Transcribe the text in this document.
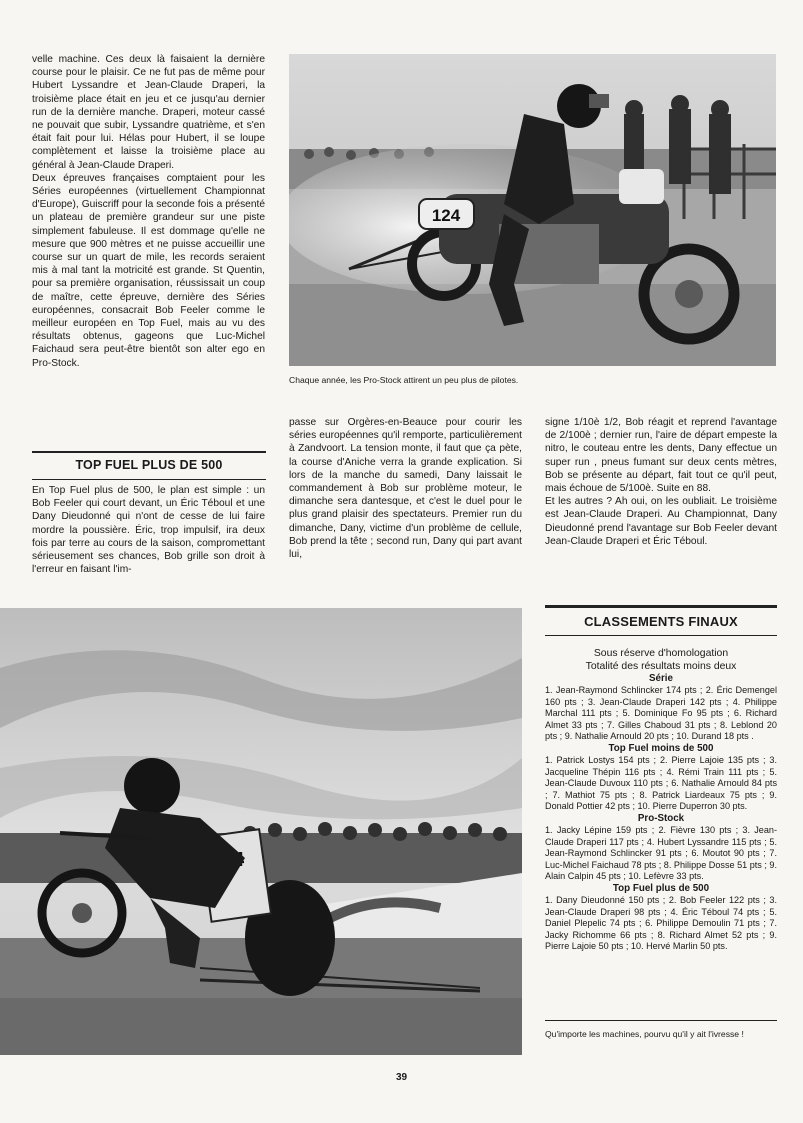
velle machine. Ces deux là faisaient la dernière course pour le plaisir. Ce ne fut pas de même pour Hubert Lyssandre et Jean-Claude Draperi, la troisième place était en jeu et ce jusqu'au dernier run de la dernière manche. Draperi, moteur cassé ne pouvait que subir, Lyssandre quatrième, et s'en était fait pour lui. Hélas pour Hubert, il se loupe complètement et laisse la troisième place au général à Jean-Claude Draperi.

Deux épreuves françaises comptaient pour les Séries européennes (virtuellement Championnat d'Europe), Guiscriff pour la seconde fois a présenté un plateau de première grandeur sur une piste simplement fabuleuse. Il est dommage qu'elle ne mesure que 900 mètres et ne puisse accueillir une course sur un quart de mile, les records seraient mis à mal tant la motricité est grande. St Quentin, pour sa première organisation, réussissait un coup de maître, cette épreuve, dernière des Séries européennes, consacrait Bob Feeler comme le meilleur européen en Top Fuel, mais au vu des résultats obtenus, gageons que Luc-Michel Faichaud sera peut-être bientôt son alter ego en Pro-Stock.

TOP FUEL PLUS DE 500

En Top Fuel plus de 500, le plan est simple : un Bob Feeler qui court devant, un Éric Téboul et une Dany Dieudonné qui n'ont de cesse de lui faire mordre la poussière. Éric, trop impulsif, ira deux fois par terre au cours de la saison, compromettant sérieusement ses chances, Bob grille son droit à l'erreur en faisant l'im-

124
Chaque année, les Pro-Stock attirent un peu plus de pilotes.

passe sur Orgères-en-Beauce pour courir les séries européennes qu'il remporte, particulièrement à Zandvoort. La tension monte, il faut que ça pète, la course d'Aniche verra la grande explication. Si lors de la manche du samedi, Dany laissait le commandement à Bob sur problème moteur, le dimanche sera dantesque, et c'est le duel pour le plus grand plaisir des spectateurs. Premier run du dimanche, Dany, victime d'un problème de cellule, Bob prend la tête ; second run, Dany qui part avant lui,

signe 1/10è 1/2, Bob réagit et reprend l'avantage de 2/100è ; dernier run, l'aire de départ empeste la nitro, le couteau entre les dents, Dany effectue un super run , pneus fumant sur deux cents mètres, Bob se présente au départ, fait tout ce qu'il peut, mais échoue de 5/100è. Suite en 88.

Et les autres ? Ah oui, on les oubliait. Le troisième est Jean-Claude Draperi. Au Championnat, Dany Dieudonné prend l'avantage sur Bob Feeler devant Jean-Claude Draperi et Éric Téboul.

CLASSEMENTS FINAUX
Sous réserve d'homologation
Totalité des résultats moins deux
Série

1. Jean-Raymond Schlincker 174 pts ; 2. Éric Demengel 160 pts ; 3. Jean-Claude Draperi 142 pts ; 4. Philippe Marchal 111 pts ; 5. Dominique Fo 95 pts ; 6. Richard Almet 33 pts ; 7. Gilles Chaboud 31 pts ; 8. Leblond 20 pts ; 9. Nathalie Arnould 20 pts ; 10. Durand 18 pts .

Top Fuel moins de 500

1. Patrick Lostys 154 pts ; 2. Pierre Lajoie 135 pts ; 3. Jacqueline Thépin 116 pts ; 4. Rémi Train 111 pts ; 5. Jean-Claude Duvoux 110 pts ; 6. Nathalie Arnould 84 pts ; 7. Mathiot 75 pts ; 8. Patrick Liardeaux 75 pts ; 9. Donald Pottier 42 pts ; 10. Pierre Duperron 30 pts.

Pro-Stock

1. Jacky Lépine 159 pts ; 2. Fièvre 130 pts ; 3. Jean-Claude Draperi 117 pts ; 4. Hubert Lyssandre 115 pts ; 5. Jean-Raymond Schlincker 91 pts ; 6. Moutot 90 pts ; 7. Luc-Michel Faichaud 78 pts ; 8. Philippe Dosse 51 pts ; 9. Alain Calpin 45 pts ; 10. Lefèvre 33 pts.

Top Fuel plus de 500

1. Dany Dieudonné 150 pts ; 2. Bob Feeler 122 pts ; 3. Jean-Claude Draperi 98 pts ; 4. Éric Téboul 74 pts ; 5. Daniel Plepelic 74 pts ; 6. Philippe Demoulin 71 pts ; 7. Jacky Richomme 66 pts ; 8. Richard Almet 52 pts ; 9. Pierre Lajoie 50 pts ; 10. Hervé Marlin 50 pts.

Qu'importe les machines, pourvu qu'il y ait l'ivresse !
39
